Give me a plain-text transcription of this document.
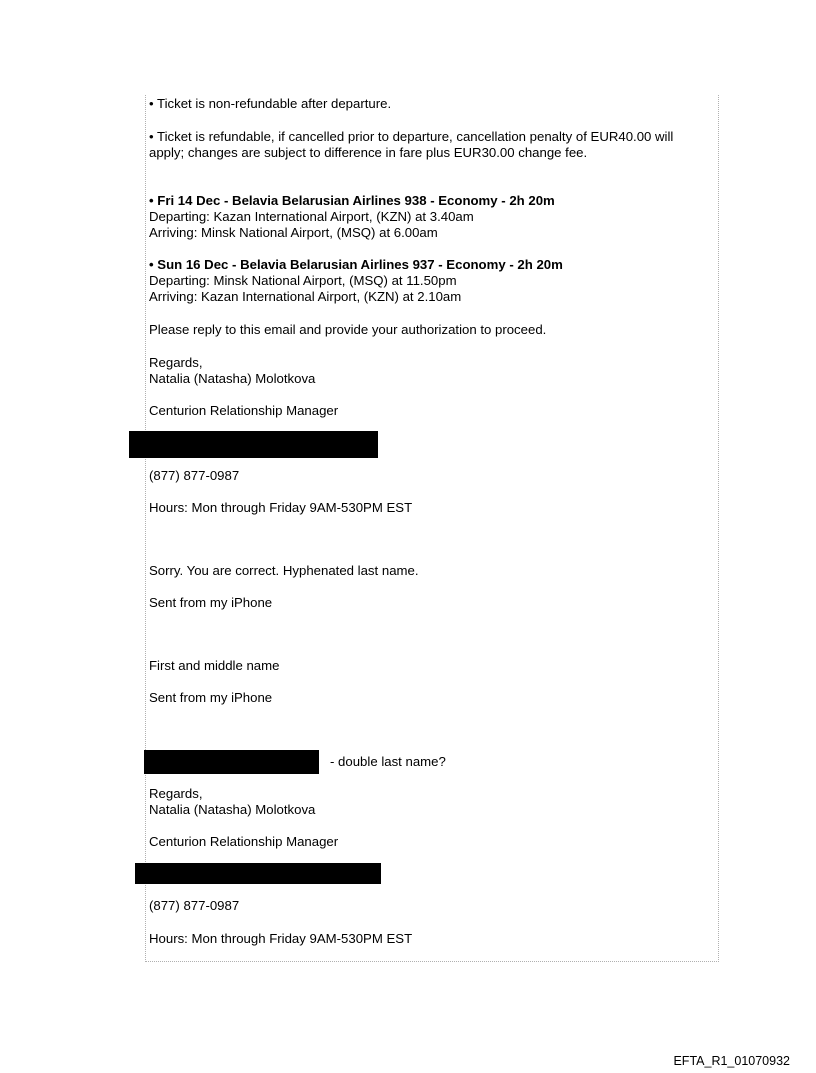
• Ticket is non-refundable after departure.
• Ticket is refundable, if cancelled prior to departure, cancellation penalty of EUR40.00 will
apply; changes are subject to difference in fare plus EUR30.00 change fee.
• Fri 14 Dec - Belavia Belarusian Airlines 938 - Economy - 2h 20m
Departing: Kazan International Airport, (KZN) at 3.40am
Arriving: Minsk National Airport, (MSQ) at 6.00am
• Sun 16 Dec - Belavia Belarusian Airlines 937 - Economy - 2h 20m
Departing: Minsk National Airport, (MSQ) at 11.50pm
Arriving: Kazan International Airport, (KZN) at 2.10am
Please reply to this email and provide your authorization to proceed.
Regards,
Natalia (Natasha) Molotkova
Centurion Relationship Manager
(877) 877-0987
Hours: Mon through Friday 9AM-530PM EST
Sorry. You are correct. Hyphenated last name.
Sent from my iPhone
First and middle name
Sent from my iPhone
- double last name?
Regards,
Natalia (Natasha) Molotkova
Centurion Relationship Manager
(877) 877-0987
Hours: Mon through Friday 9AM-530PM EST
EFTA_R1_01070932
